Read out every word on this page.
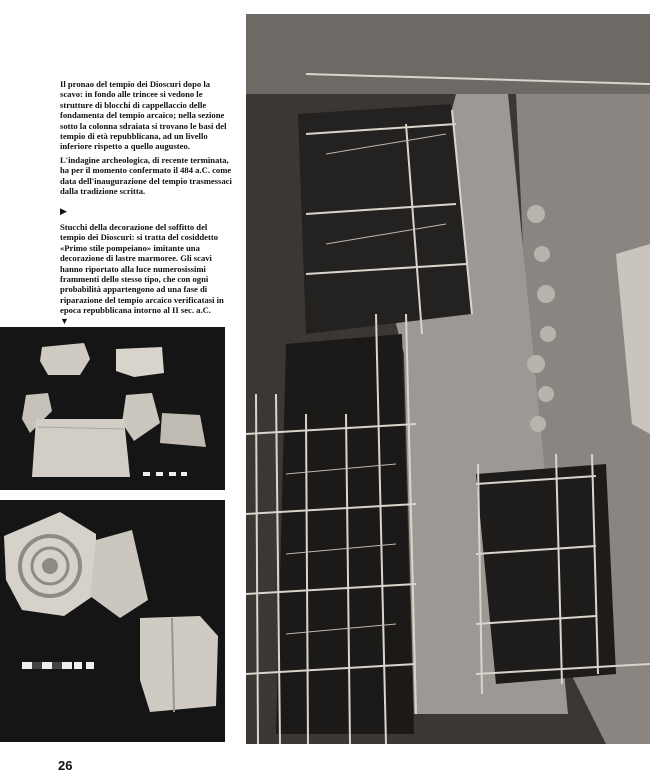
Il pronao del tempio dei Dioscuri dopo la scavo: in fondo alle trincee si vedono le strutture di blocchi di cappellaccio delle fondamenta del tempio arcaico; nella sezione sotto la colonna sdraiata si trovano le basi del tempio di età repubblicana, ad un livello inferiore rispetto a quello augusteo.

L'indagine archeologica, di recente terminata, ha per il momento confermato il 484 a.C. come data dell'inaugurazione del tempio trasmessaci dalla tradizione scritta.

▶

Stucchi della decorazione del soffitto del tempio dei Dioscuri: si tratta del cosiddetto «Primo stile pompeiano» imitante una decorazione di lastre marmoree. Gli scavi hanno riportato alla luce numerosissimi frammenti dello stesso tipo, che con ogni probabilità appartengono ad una fase di riparazione del tempio arcaico verificatasi in epoca repubblicana intorno al II sec. a.C.

▼
26
